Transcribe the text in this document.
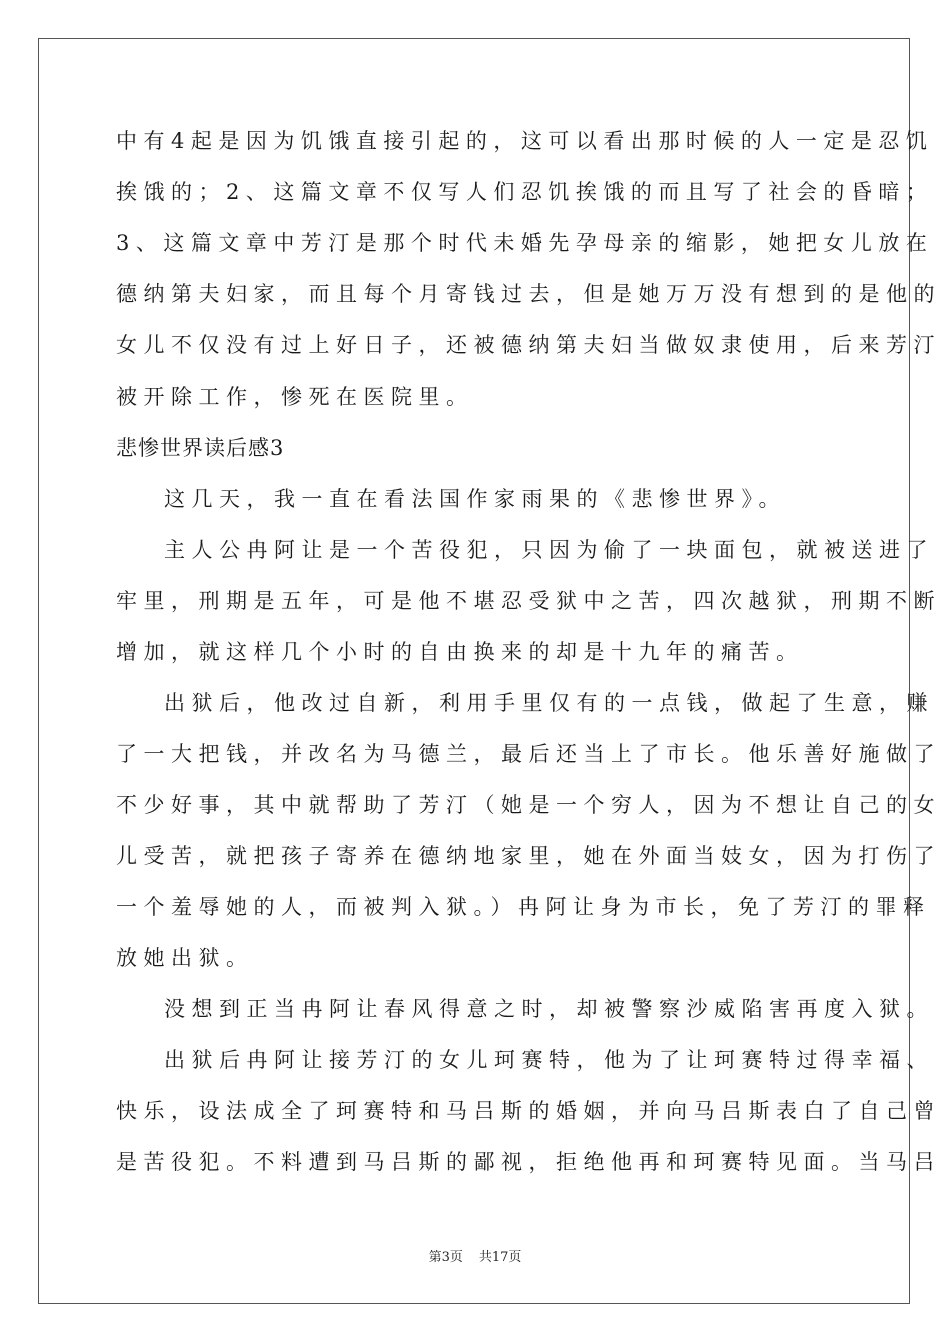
中有4起是因为饥饿直接引起的，这可以看出那时候的人一定是忍饥
挨饿的；2、这篇文章不仅写人们忍饥挨饿的而且写了社会的昏暗；
3、这篇文章中芳汀是那个时代未婚先孕母亲的缩影，她把女儿放在
德纳第夫妇家，而且每个月寄钱过去，但是她万万没有想到的是他的
女儿不仅没有过上好日子，还被德纳第夫妇当做奴隶使用，后来芳汀
被开除工作，惨死在医院里。
悲惨世界读后感3
这几天，我一直在看法国作家雨果的《悲惨世界》。
主人公冉阿让是一个苦役犯，只因为偷了一块面包，就被送进了
牢里，刑期是五年，可是他不堪忍受狱中之苦，四次越狱，刑期不断
增加，就这样几个小时的自由换来的却是十九年的痛苦。
出狱后，他改过自新，利用手里仅有的一点钱，做起了生意，赚
了一大把钱，并改名为马德兰，最后还当上了市长。他乐善好施做了
不少好事，其中就帮助了芳汀（她是一个穷人，因为不想让自己的女
儿受苦，就把孩子寄养在德纳地家里，她在外面当妓女，因为打伤了
一个羞辱她的人，而被判入狱。）冉阿让身为市长，免了芳汀的罪释
放她出狱。
没想到正当冉阿让春风得意之时，却被警察沙威陷害再度入狱。
出狱后冉阿让接芳汀的女儿珂赛特，他为了让珂赛特过得幸福、
快乐，设法成全了珂赛特和马吕斯的婚姻，并向马吕斯表白了自己曾
是苦役犯。不料遭到马吕斯的鄙视，拒绝他再和珂赛特见面。当马吕
第3页 共17页
